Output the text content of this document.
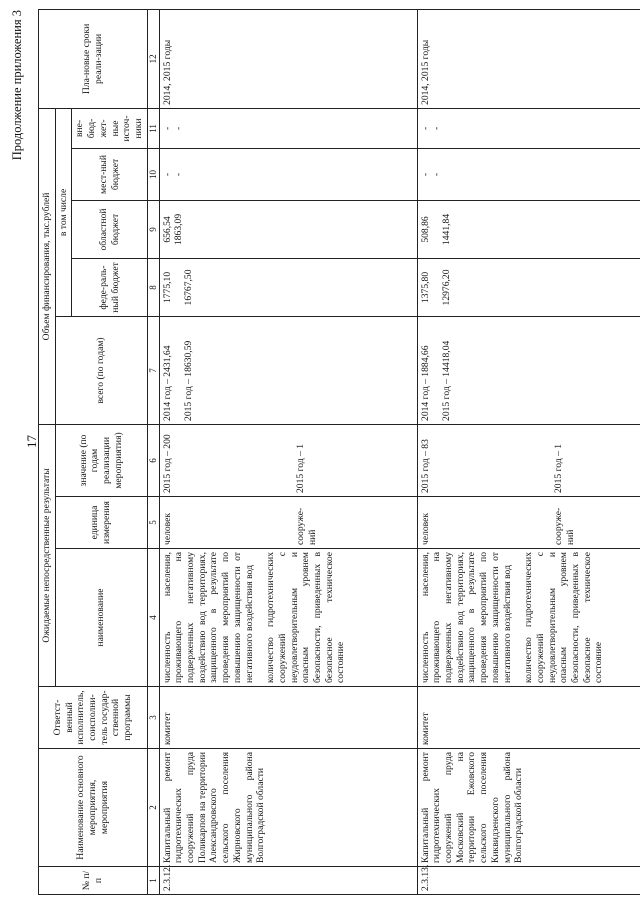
17
Продолжение приложения 3
№ п/п	Наименование основного мероприятия, мероприятия	Ответст-венный исполнитель, соисполни-тель государ-ственной программы	Ожидаемые непосредственные результаты			Объем финансирования, тыс.рублей					Пла-новые сроки реали-зации
			наименование	единица измерения	значение (по годам реализации мероприятия)	всего (по годам)	в том числе				
							феде-раль-ный бюджет	областной бюджет	мест-ный бюджет	вне-бюд-жет-ные источ-ники	
1	2	3	4	5	6	7	8	9	10	11	12
2.3.12.	Капитальный ремонт гидротехнических сооружений пруда Поликарпов на территории Александровского сельского поселения Жирновского муниципального района Волгоградской области	комитет	численность населения, проживающего на подверженных негативному воздействию вод территориях, защищенного в результате проведения мероприятий по повышению защищенности от негативного воздействия вод количество гидротехнических сооружений с неудовлетворительным и опасным уровнем безопасности, приведенных в безопасное техническое состояние	человек сооруже-ний	2015 год – 200 2015 год – 1	2014 год – 2431,64 2015 год – 18630,59	1775,10 16767,50	656,54 1863,09	- -	- -	2014, 2015 годы
2.3.13.	Капитальный ремонт гидротехнических сооружений пруда Московский на территории Ежовского сельского поселения Киквидзенского муниципального района Волгоградской области	комитет	численность населения, проживающего на подверженных негативному воздействию вод территориях, защищенного в результате проведения мероприятий по повышению защищенности от негативного воздействия вод количество гидротехнических сооружений с неудовлетворительным и опасным уровнем безопасности, приведенных в безопасное техническое состояние	человек сооруже-ний	2015 год – 83 2015 год – 1	2014 год – 1884,66 2015 год – 14418,04	1375,80 12976,20	508,86 1441,84	- -	- -	2014, 2015 годы
